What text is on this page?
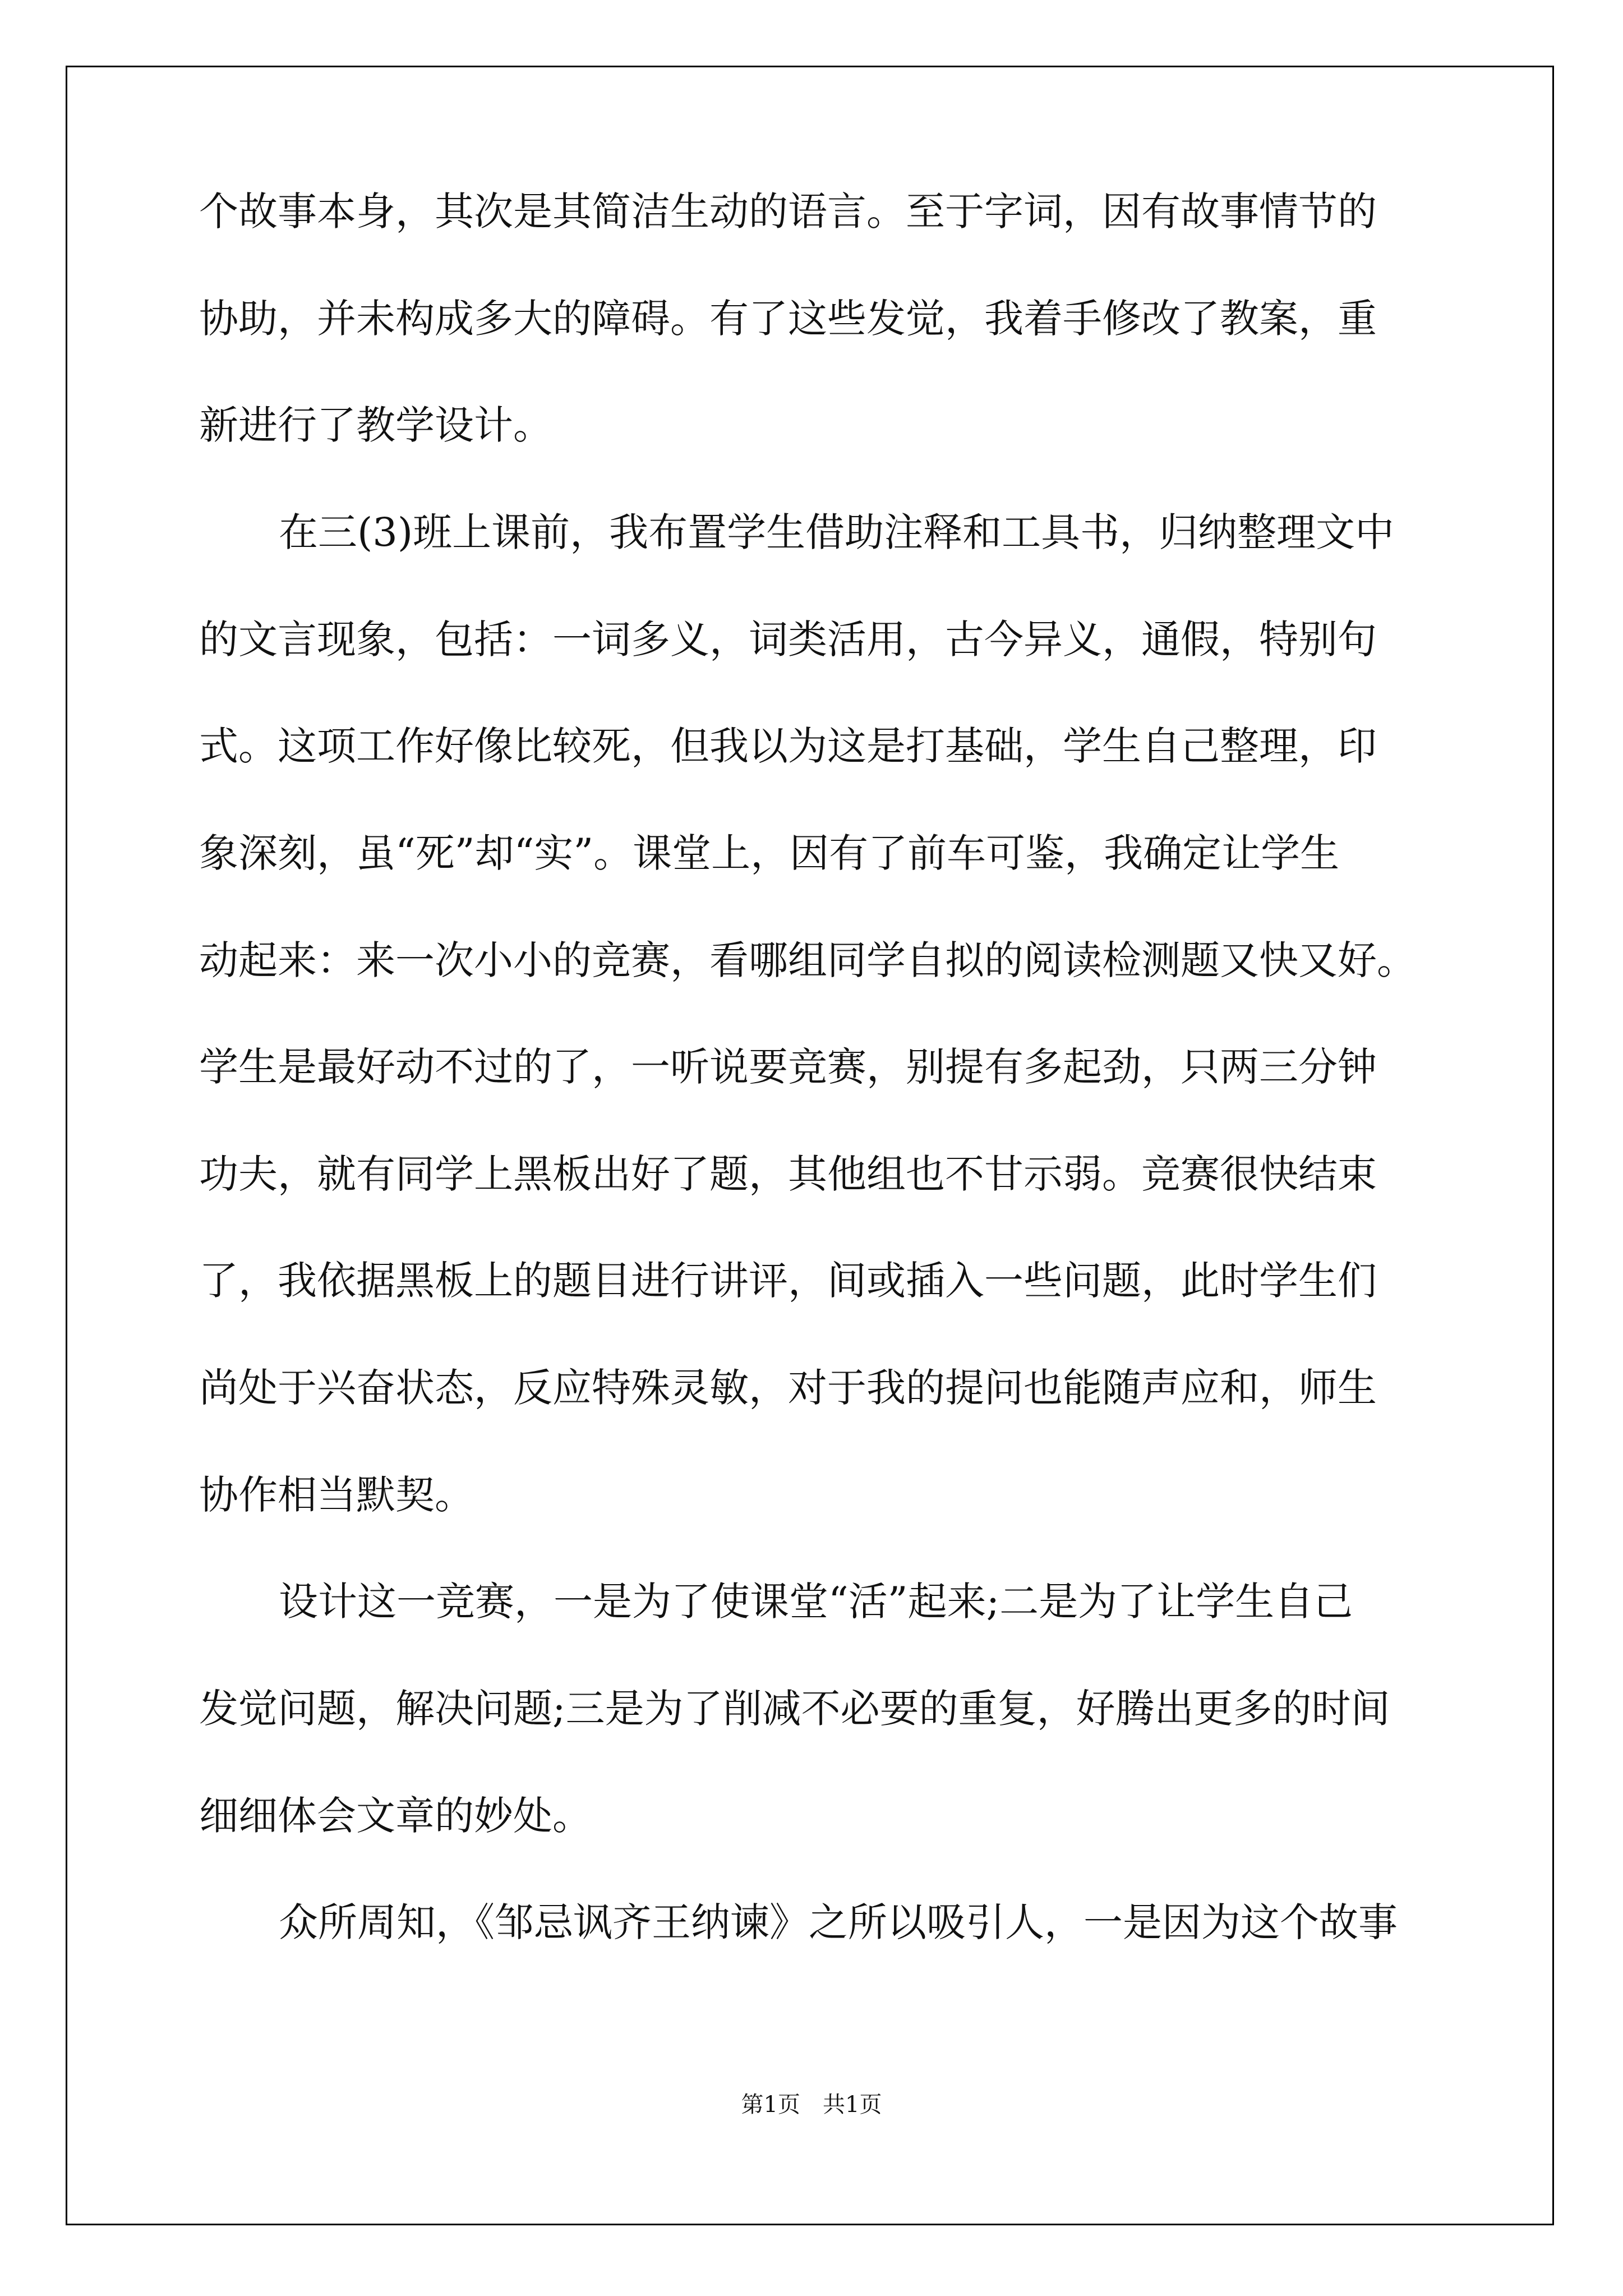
个故事本身，其次是其简洁生动的语言。至于字词，因有故事情节的
协助，并未构成多大的障碍。有了这些发觉，我着手修改了教案，重
新进行了教学设计。
在三(3)班上课前，我布置学生借助注释和工具书，归纳整理文中
的文言现象，包括：一词多义，词类活用，古今异义，通假，特别句
式。这项工作好像比较死，但我以为这是打基础，学生自己整理，印
象深刻，虽“死”却“实”。课堂上，因有了前车可鉴，我确定让学生
动起来：来一次小小的竞赛，看哪组同学自拟的阅读检测题又快又好。
学生是最好动不过的了，一听说要竞赛，别提有多起劲，只两三分钟
功夫，就有同学上黑板出好了题，其他组也不甘示弱。竞赛很快结束
了，我依据黑板上的题目进行讲评，间或插入一些问题，此时学生们
尚处于兴奋状态，反应特殊灵敏，对于我的提问也能随声应和，师生
协作相当默契。
设计这一竞赛，一是为了使课堂“活”起来;二是为了让学生自己
发觉问题，解决问题;三是为了削减不必要的重复，好腾出更多的时间
细细体会文章的妙处。
众所周知，《邹忌讽齐王纳谏》之所以吸引人，一是因为这个故事
第1页 共1页
